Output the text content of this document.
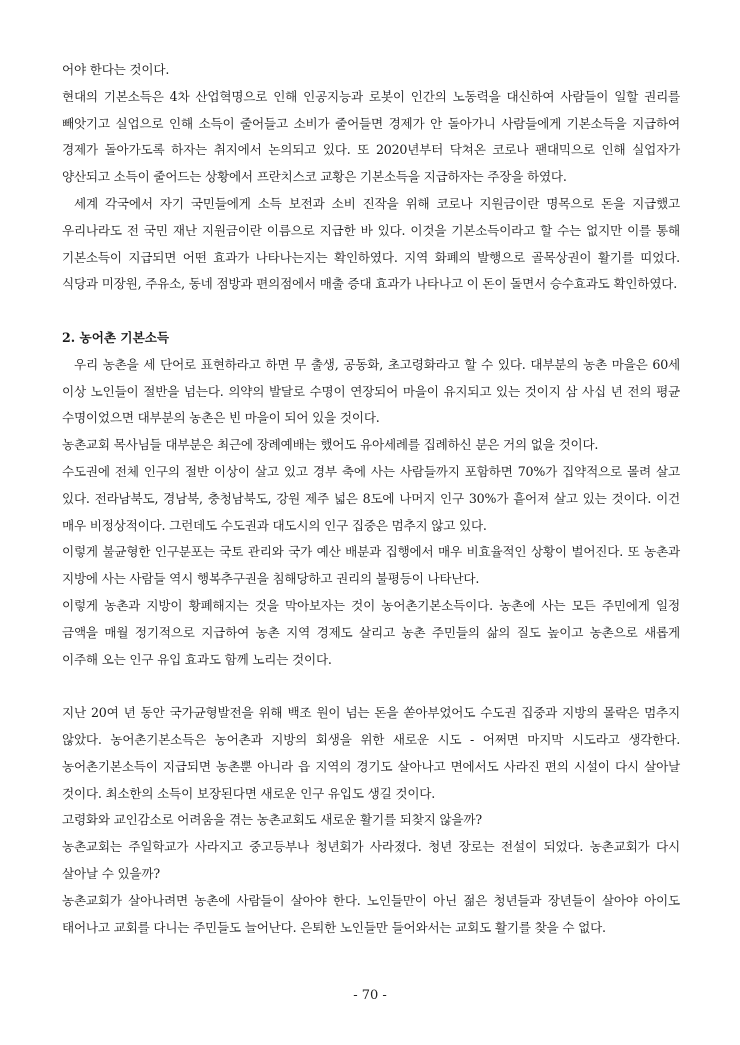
어야 한다는 것이다.

현대의 기본소득은 4차 산업혁명으로 인해 인공지능과 로봇이 인간의 노동력을 대신하여 사람들이 일할 권리를 빼앗기고 실업으로 인해 소득이 줄어들고 소비가 줄어들면 경제가 안 돌아가니 사람들에게 기본소득을 지급하여 경제가 돌아가도록 하자는 취지에서 논의되고 있다. 또 2020년부터 닥쳐온 코로나 팬대믹으로 인해 실업자가 양산되고 소득이 줄어드는 상황에서 프란치스코 교황은 기본소득을 지급하자는 주장을 하였다.

세계 각국에서 자기 국민들에게 소득 보전과 소비 진작을 위해 코로나 지원금이란 명목으로 돈을 지급했고 우리나라도 전 국민 재난 지원금이란 이름으로 지급한 바 있다. 이것을 기본소득이라고 할 수는 없지만 이를 통해 기본소득이 지급되면 어떤 효과가 나타나는지는 확인하였다. 지역 화폐의 발행으로 골목상권이 활기를 띠었다. 식당과 미장원, 주유소, 동네 점방과 편의점에서 매출 증대 효과가 나타나고 이 돈이 돌면서 승수효과도 확인하였다.

2. 농어촌 기본소득

우리 농촌을 세 단어로 표현하라고 하면 무 출생, 공동화, 초고령화라고 할 수 있다. 대부분의 농촌 마을은 60세 이상 노인들이 절반을 넘는다. 의약의 발달로 수명이 연장되어 마을이 유지되고 있는 것이지 삼 사십 년 전의 평균 수명이었으면 대부분의 농촌은 빈 마을이 되어 있을 것이다.

농촌교회 목사님들 대부분은 최근에 장례예배는 했어도 유아세례를 집례하신 분은 거의 없을 것이다.

수도권에 전체 인구의 절반 이상이 살고 있고 경부 축에 사는 사람들까지 포함하면 70%가 집약적으로 몰려 살고 있다. 전라남북도, 경남북, 충청남북도, 강원 제주 넓은 8도에 나머지 인구 30%가 흩어져 살고 있는 것이다. 이건 매우 비정상적이다. 그런데도 수도권과 대도시의 인구 집중은 멈추지 않고 있다.

이렇게 불균형한 인구분포는 국토 관리와 국가 예산 배분과 집행에서 매우 비효율적인 상황이 벌어진다. 또 농촌과 지방에 사는 사람들 역시 행복추구권을 침해당하고 권리의 불평등이 나타난다.

이렇게 농촌과 지방이 황폐해지는 것을 막아보자는 것이 농어촌기본소득이다. 농촌에 사는 모든 주민에게 일정 금액을 매월 정기적으로 지급하여 농촌 지역 경제도 살리고 농촌 주민들의 삶의 질도 높이고 농촌으로 새롭게 이주해 오는 인구 유입 효과도 함께 노리는 것이다.

지난 20여 년 동안 국가균형발전을 위해 백조 원이 넘는 돈을 쏟아부었어도 수도권 집중과 지방의 몰락은 멈추지 않았다. 농어촌기본소득은 농어촌과 지방의 회생을 위한 새로운 시도 - 어쩌면 마지막 시도라고 생각한다. 농어촌기본소득이 지급되면 농촌뿐 아니라 읍 지역의 경기도 살아나고 면에서도 사라진 편의 시설이 다시 살아날 것이다. 최소한의 소득이 보장된다면 새로운 인구 유입도 생길 것이다.

고령화와 교인감소로 어려움을 겪는 농촌교회도 새로운 활기를 되찾지 않을까?

농촌교회는 주일학교가 사라지고 중고등부나 청년회가 사라졌다. 청년 장로는 전설이 되었다. 농촌교회가 다시 살아날 수 있을까?

농촌교회가 살아나려면 농촌에 사람들이 살아야 한다. 노인들만이 아닌 젊은 청년들과 장년들이 살아야 아이도 태어나고 교회를 다니는 주민들도 늘어난다. 은퇴한 노인들만 들어와서는 교회도 활기를 찾을 수 없다.

- 70 -
